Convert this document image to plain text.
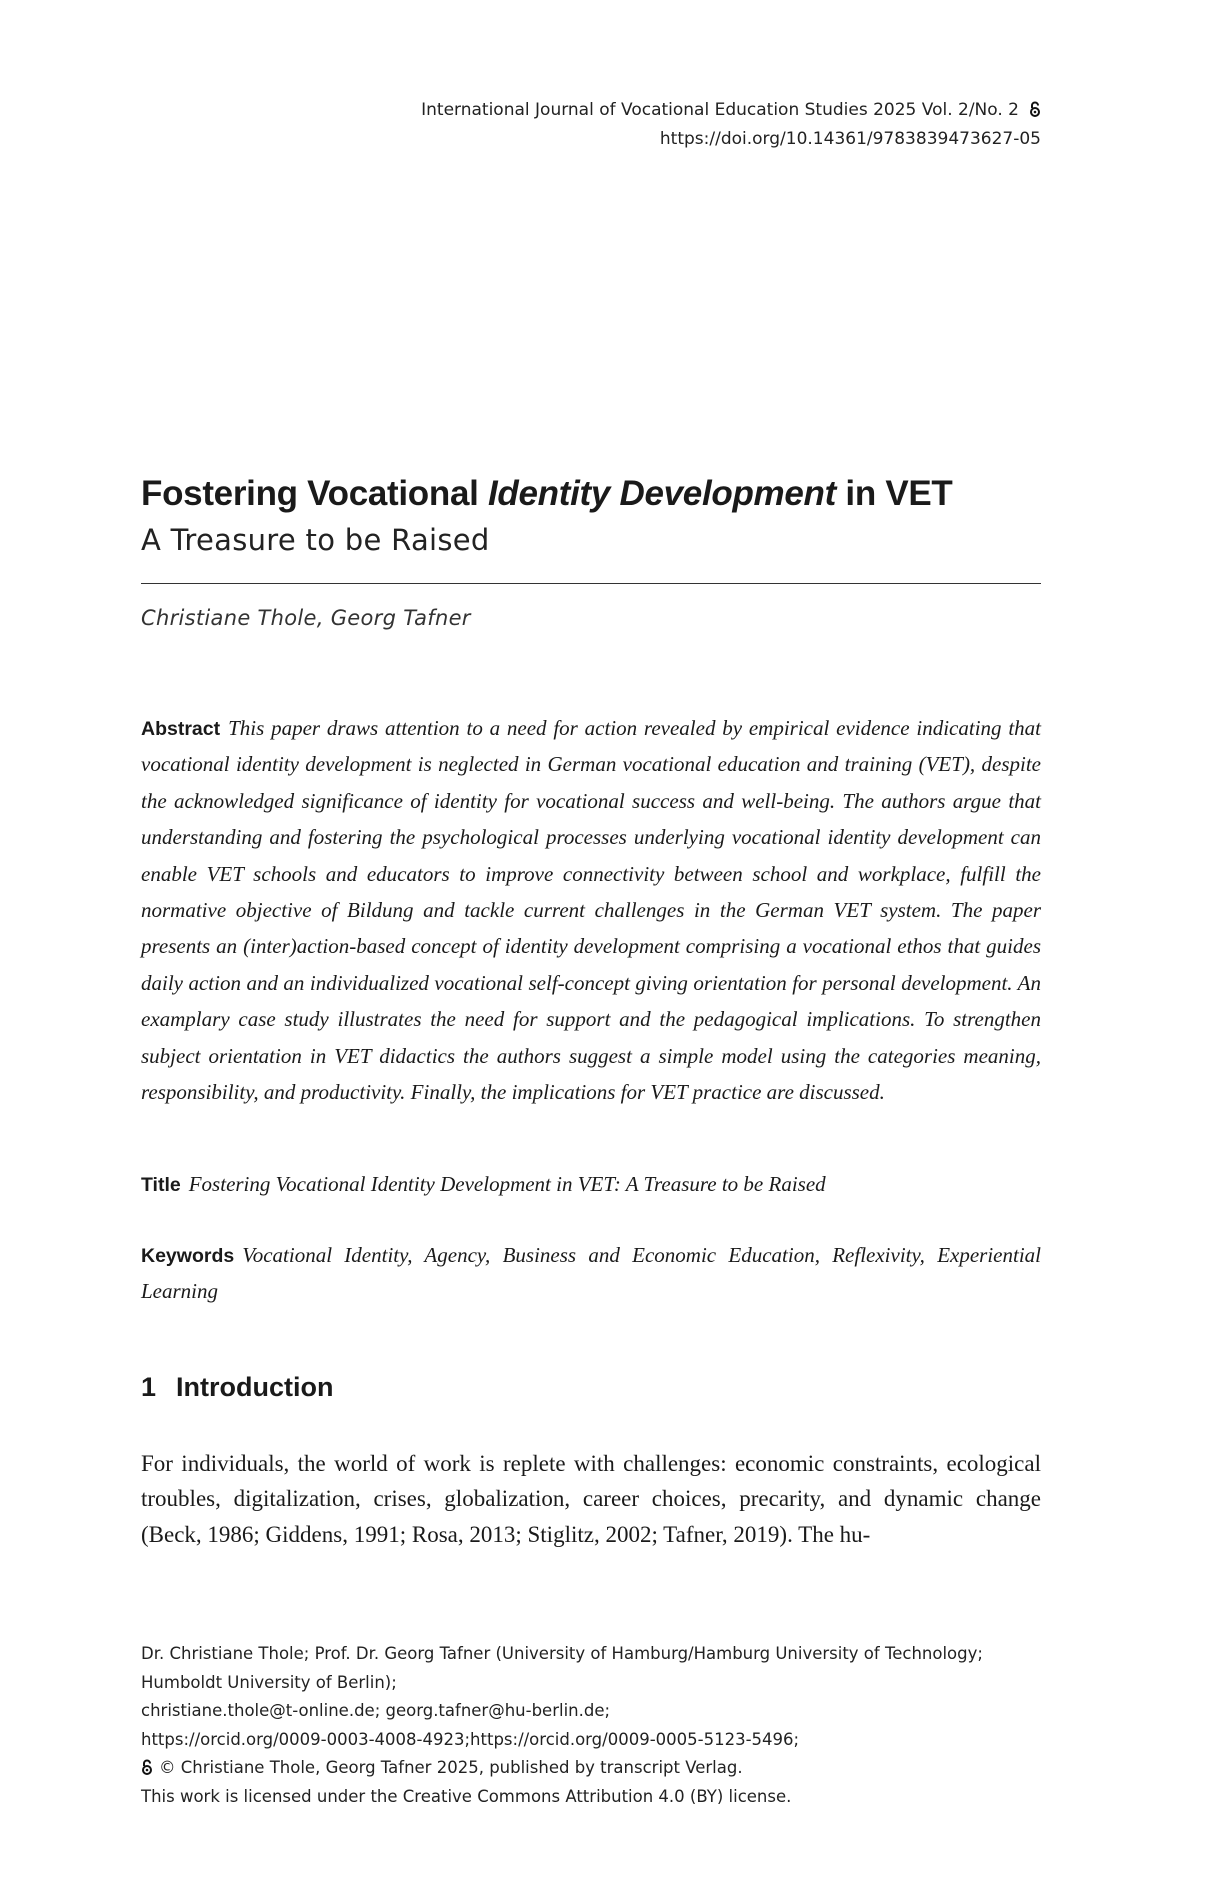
International Journal of Vocational Education Studies 2025 Vol. 2/No. 2
https://doi.org/10.14361/9783839473627-05
Fostering Vocational Identity Development in VET
A Treasure to be Raised
Christiane Thole, Georg Tafner
Abstract This paper draws attention to a need for action revealed by empirical evidence indicating that vocational identity development is neglected in German vocational education and training (VET), despite the acknowledged significance of identity for vocational success and well-being. The authors argue that understanding and fostering the psychological processes underlying vocational identity development can enable VET schools and educators to improve connectivity between school and workplace, fulfill the normative objective of Bildung and tackle current challenges in the German VET system. The paper presents an (inter)action-based concept of identity development comprising a vocational ethos that guides daily action and an individualized vocational self-concept giving orientation for personal development. An examplary case study illustrates the need for support and the pedagogical implications. To strengthen subject orientation in VET didactics the authors suggest a simple model using the categories meaning, responsibility, and productivity. Finally, the implications for VET practice are discussed.
Title Fostering Vocational Identity Development in VET: A Treasure to be Raised
Keywords Vocational Identity, Agency, Business and Economic Education, Reflexivity, Experiential Learning
1 Introduction

For individuals, the world of work is replete with challenges: economic constraints, ecological troubles, digitalization, crises, globalization, career choices, precarity, and dynamic change (Beck, 1986; Giddens, 1991; Rosa, 2013; Stiglitz, 2002; Tafner, 2019). The hu-

Dr. Christiane Thole; Prof. Dr. Georg Tafner (University of Hamburg/Hamburg University of Technology; Humboldt University of Berlin);

christiane.thole@t-online.de; georg.tafner@hu-berlin.de;

https://orcid.org/0009-0003-4008-4923;https://orcid.org/0009-0005-5123-5496;

© Christiane Thole, Georg Tafner 2025, published by transcript Verlag.

This work is licensed under the Creative Commons Attribution 4.0 (BY) license.
